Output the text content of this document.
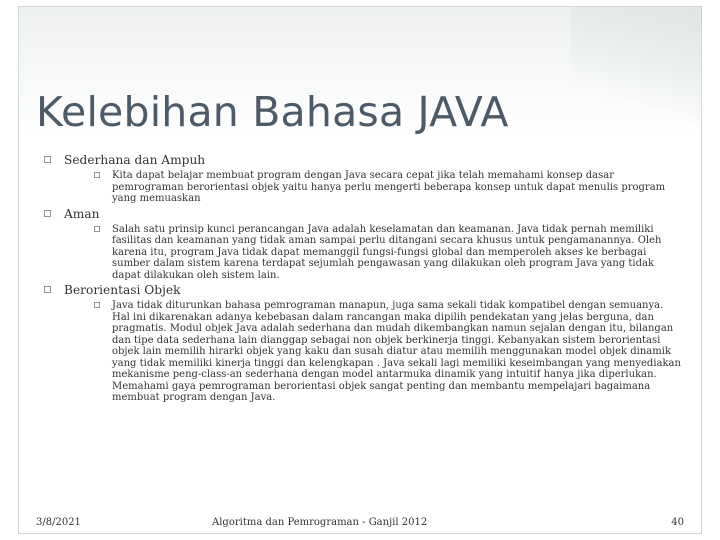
Kelebihan Bahasa JAVA
Sederhana dan Ampuh
Kita dapat belajar membuat program dengan Java secara cepat jika telah memahami konsep dasar pemrograman berorientasi objek yaitu hanya perlu mengerti beberapa konsep untuk dapat menulis program yang memuaskan
Aman
Salah satu prinsip kunci perancangan Java adalah keselamatan dan keamanan. Java tidak pernah memiliki fasilitas dan keamanan yang tidak aman sampai perlu ditangani secara khusus untuk pengamanannya. Oleh karena itu, program Java tidak dapat memanggil fungsi-fungsi global dan memperoleh akses ke berbagai sumber dalam sistem karena terdapat sejumlah pengawasan yang dilakukan oleh program Java yang tidak dapat dilakukan oleh sistem lain.
Berorientasi Objek
Java tidak diturunkan bahasa pemrograman manapun, juga sama sekali tidak kompatibel dengan semuanya. Hal ini dikarenakan adanya kebebasan dalam rancangan maka dipilih pendekatan yang jelas berguna, dan pragmatis. Modul objek Java adalah sederhana dan mudah dikembangkan namun sejalan dengan itu, bilangan dan tipe data sederhana lain dianggap sebagai non objek berkinerja tinggi. Kebanyakan sistem berorientasi objek lain memilih hirarki objek yang kaku dan susah diatur atau memilih menggunakan model objek dinamik yang tidak memiliki kinerja tinggi dan kelengkapan . Java sekali lagi memiliki keseimbangan yang menyediakan mekanisme peng-class-an sederhana dengan model antarmuka dinamik yang intuitif hanya jika diperlukan. Memahami gaya pemrograman berorientasi objek sangat penting dan membantu mempelajari bagaimana membuat program dengan Java.
3/8/2021	Algoritma dan Pemrograman - Ganjil 2012	40
